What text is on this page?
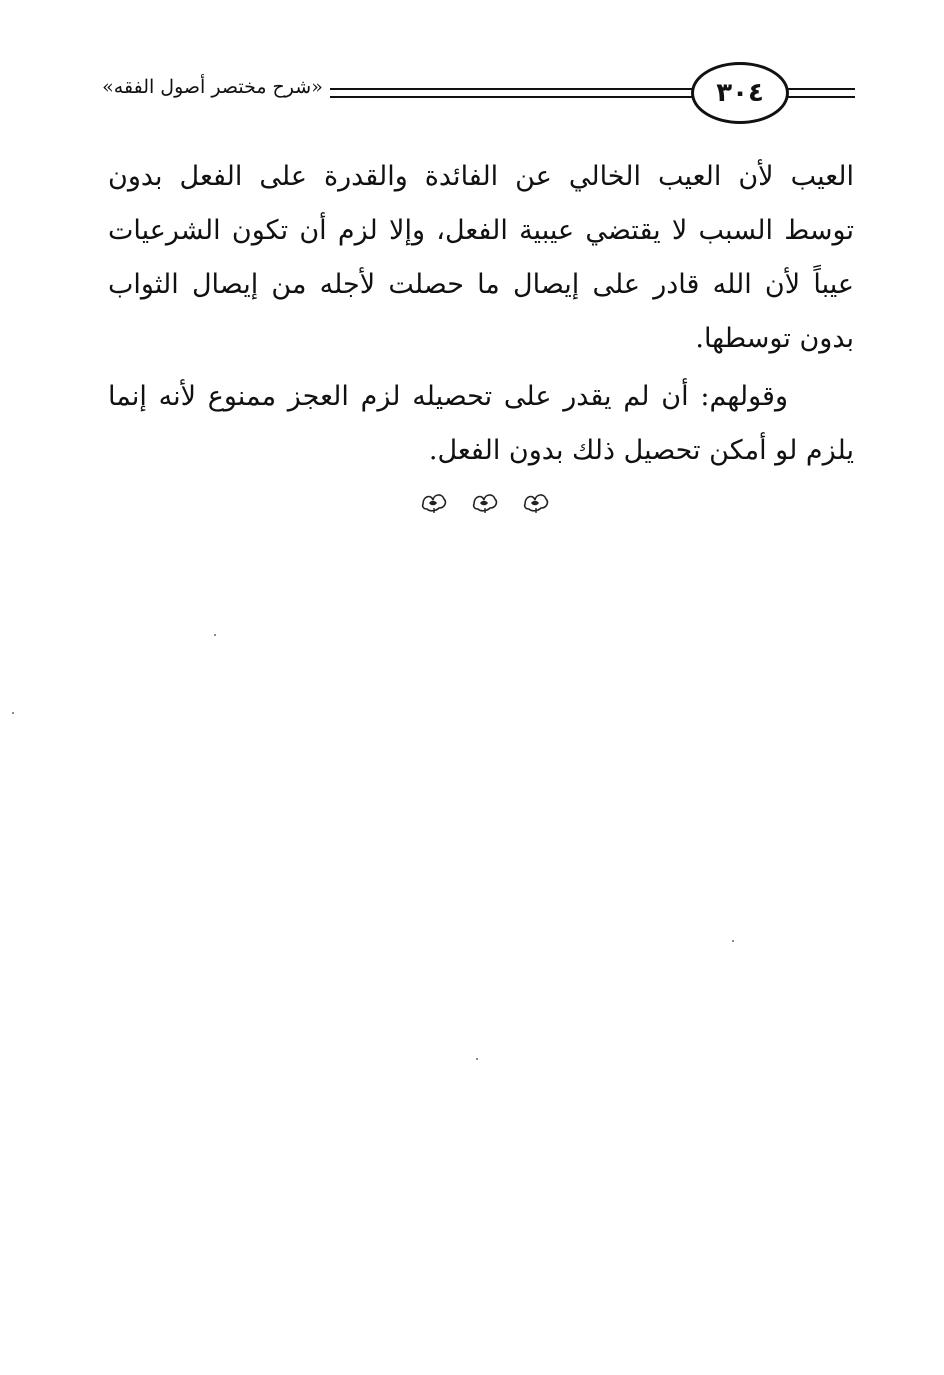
«شرح مختصر أصول الفقه»	٣٠٤

العيب لأن العيب الخالي عن الفائدة والقدرة على الفعل بدون توسط السبب لا يقتضي عيبية الفعل، وإلا لزم أن تكون الشرعيات عيباً لأن الله قادر على إيصال ما حصلت لأجله من إيصال الثواب بدون توسطها.

وقولهم: أن لم يقدر على تحصيله لزم العجز ممنوع لأنه إنما يلزم لو أمكن تحصيل ذلك بدون الفعل.
